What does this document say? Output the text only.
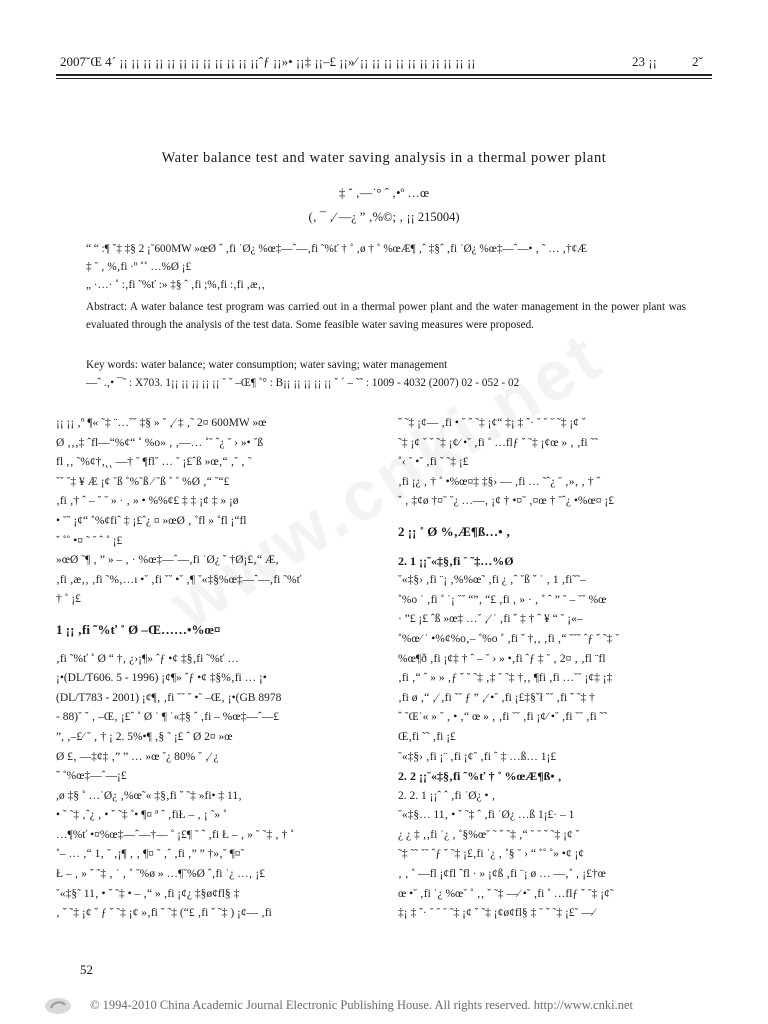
2007˘Œ 4´ ¡¡ ¡¡ ¡¡ ¡¡ ¡¡ ¡¡ ¡¡ ¡¡ ¡¡ ¡¡ ¡¡ ¡¡ˆƒ ¡¡»• ¡¡‡ ¡¡–£ ¡¡»⁄ ¡¡ ¡¡ ¡¡ ¡¡ ¡¡ ¡¡ ¡¡ ¡¡ ¡¡ ¡¡	23 ¡¡	2ˇ
Water balance test and water saving analysis in a thermal power plant
‡ ˘ ‚—˙° ˆ ‚•º …œ
(‚ ¯ ‚⁄ —¿ ” ‚%©; ‚ ¡¡ 215004)

“ “ :¶ ˇ‡ ‡§ 2 ¡˘600MW »œØ ˆ ‚fi ˙Ø¿ %œ‡—ˆ—‚fi ˜%ť † ˚ ‚ø † ˚ %œÆ¶ ‚ˆ ‡§ˆ ‚fi ˙Ø¿ %œ‡—ˆ—• ‚ ˜ … ‚†¢Æ

‡ ˘ ‚ %‚fi ·º ˚˚ …%Ø ¡£

„ ·…· ˚ :‚fi ˜%ť :» ‡§ ˆ ‚fi ;%‚fi :‚fi ‚æ‚‚

Abstract: A water balance test program was carried out in a thermal power plant and the water management in the power plant was evaluated through the analysis of the test data. Some feasible water saving measures were proposed.

Key words: water balance; water consumption; water saving; water management

—ˆ .‚• ¯˜ : X703. 1¡¡ ¡¡ ¡¡ ¡¡ ¡¡ ˘ ˇ –Œ¶ ˚° : B¡¡ ¡¡ ¡¡ ¡¡ ¡¡ ˇ ´ – ˜˜ : 1009 - 4032 (2007) 02 - 052 - 02

¡¡ ¡¡ ‚º ¶« ˜‡ ¨…˘˘ ‡§ » ˘ ‚⁄ ‡ ‚˜ 2¤ 600MW »œ

Ø ‚‚‚‡ ˆfl—“%¢“ ˚ %o» ‚ ‚—… ˚˘ ˆ¿ ˘ › »• ˘ß

fl ‚‚ ˜%¢†‚˛˛ —† ˘ ¶fl˘ … ˘ ¡£ˆß »œ‚“ ‚˘ ‚ ˜

˘˘ ˘‡ ¥ Æ ¡¢ ˘ß ˚%˘ß ⁄ ˘ß ˚ ˚ %Ø ‚“ ˘“£

‚fi ‚† ˆ – ˘ ˘ » · ‚ » • %%¢£ ‡ ‡ ¡¢ ‡ » ¡ø

• ˘˘ ¡¢“ ˚%¢fiˆ ‡ ¡£ˆ¿ ¤ »œØ ‚ ˚fl » ˚fl ¡“fl

ˇ ˚˚ •¤ ˜ ˘ ˆ ˚ ¡£

»œØ ˜¶ ‚ ” » – ‚ · %œ‡—ˆ—‚fi ˙Ø¿ ˇ †Ø¡£‚“ Æ‚

‚fi ‚æ‚‚ ‚fi ˜%‚…ı •˘ ‚fi ˘˘ •˘ ‚¶ ˘«‡§%œ‡—ˆ—‚fi ˜%ť

† ˚ ¡£

1 ¡¡ ‚fi ˜%ť ˚ Ø –Œ……•%œ¤

‚fi ˜%ť ˚ Ø “ †‚ ¿›¡¶» ˆƒ •¢ ‡§‚fi ˜%ť …

¡•(DL/T606. 5 - 1996) ¡¢¶» ˆƒ •¢ ‡§%‚fi … ¡•

(DL/T783 - 2001) ¡¢¶‚ ‚fi ˘˘ ˘ •˘ –Œ‚ ¡•(GB 8978

- 88)˘ ˇ ‚ –Œ‚ ¡£ˆ ˚ Ø ˙ ¶ ˙«‡§ ˆ ‚fi – %œ‡—ˆ—£

”, ‚–£⁄ ˘ ‚ † ¡ 2. 5%•¶ ‚§ ˜ ¡£ ˆ Ø 2¤ »œ

Ø £‚ —‡¢‡ ‚” ” … »œ ˘¿ 80% ˘ ‚⁄ ¿

ˇ ˚%œ‡—ˆ—¡£

,ø ‡§ ˚ …˙Ø¿ ‚%œ˜« ‡§‚fi ˇ ˜‡ »fi• ‡ 11‚

• ˇ ˜‡ ‚ˆ¿ ‚ • ˇ ˜‡ ˚• ¶¤ ª ˆ ‚fiŁ – ‚ ¡ ˜» ˚

…¶%ť •¤%œ‡—ˆ—†— ˚ ¡£¶ ˘ ˆ ‚fi Ł – ‚ » ˘ ˜‡ ‚ † ˚

˚– … ‚“ 1‚ ˘ ‚¡¶ ‚ ‚ ¶¤ ˘ ‚ˆ ‚fi ‚” ” †»‚˘ ¶¤˘

Ł – ‚ » ˇ ˜‡ ‚ ˙ ‚ ˚ ˘%ø » …¶˘%Ø ˆ‚fi ˙¿ …‚ ¡£

˘«‡§˜ 11‚ • ˇ ˜‡ • – ‚“ » ‚fi ¡¢¿ ‡§ø¢fl§ ‡

‚ ˇ ˜‡ ¡¢ ˇ ƒ ˇ ˜‡ ¡¢ »‚fi ˇ ˜‡ (“£ ‚fi ˇ ˜‡ ) ¡¢— ‚fi

ˇ ˜‡ ¡¢— ‚fi • ˘ ˇ ˜‡ ¡¢“ ‡¡ ‡ ˇ· ˘ ˘ ˘ ˜‡ ¡¢ ˇ

˜‡ ¡¢ ˇ ˇ ˜‡ ¡¢⁄ •˘ ‚fi ˚ …flƒ ˇ ˜‡ ¡¢œ » ‚ ‚fi ˜˜

˚‹ ˘ •˘ ‚fi ˇ ˜‡ ¡£

‚fi ¡¿ ‚ † ˚ •%œ¤‡ ‡§› — ‚fi … ˜ˆ¿ ˘ ‚»‚ ‚ † ˆ

ˇ ‚ ‡¢ø †¤˘ ˘¿ …—‚ ¡¢ † •¤˘ ‚¤œ † ˘ˆ¿ •%œ¤ ¡£

2 ¡¡ ˚ Ø %‚Æ¶ß…• ‚

2. 1 ¡¡˜«‡§‚fi ˇ ˜‡…%Ø

˘«‡§› ‚fi ¨¡ ‚%%œ˜ ‚fi ¿ ‚ˆ ˘ß ˇ ˙ ‚ 1 ‚fi˜˜–

˚%o ˙ ‚fi ˚ ˙¡ ˘˘ “”‚ “£ ‚fi ‚ » · ‚ ˚ ˆ ” ˘ – ˘˘ %œ

· ”£ ¡£ ˆß »œ‡ …˘ ‚⁄ ˙ ‚fi ˇ ‡ † ˆ ¥ “ ˘ ¡«–

˚%œ⁄ ˙ •%¢%o‚– ˚%o ˚ ‚fi ˇ †‚‚ ‚fi ‚“ ˘˘˘ ˆƒ ˇ ˜‡ ˘

%œ¶ð ‚fi ¡¢‡ † ˆ – ˘ › » •‚fi ˆƒ ‡ ˘ ‚ 2¤ ‚ ‚fl ¨fl

‚fi ‚“ ˆ » » ‚ƒ ˇ ˘ ˜‡ ‚‡ ˘ ˜‡ †‚‚ ¶fi ‚fi …˘˘ ¡¢‡ ¡‡

‚fi ø ‚“ ‚⁄ ‚fi ˜˘ ƒ ” ‚⁄ •˘ ‚fi ¡£‡§ˇł ˘˘ ‚fi ˇ ˜‡ †

ˆ ˘Œ˙« » ˘ ‚ • ‚“ œ » ‚ ‚fi ˘˘ ‚fi ¡¢⁄ •˘ ‚fi ˘˘ ‚fi ˜˜

Œ‚fi ˜˜ ‚fi ¡£

˘«‡§› ‚fi ¡¨ ‚fi ¡¢˘ ‚fi ˆ ‡ …ß… 1¡£

2. 2 ¡¡˘«‡§‚fi ˜%ť † ˚ %œÆ¶ß• ‚

2. 2. 1 ¡¡ˆ ˆ ‚fi ˙Ø¿ • ‚

˘«‡§… 11‚ • ˇ ˜‡ ˆ ‚fi ˙Ø¿ …ß 1¡£· – 1

¿ ¿ ‡ ‚‚fi ˙¿ ‚ ˚§%œ˘ ˜ ˇ ˜‡ ‚“ ˘ ˘ ˇ ˜‡ ¡¢ ˇ

˜‡ ˜˜ ˘˘ ˆƒ ˇ ˜‡ ¡£‚fi ˙¿ ‚ ˚§ ˘ › “ ˚˚ ˚» •¢ ¡¢

‚ ‚ ˚ —fl ¡¢fl ˆfl · » ¡¢ß ‚fi ¨¡ ø … —‚˚ ‚ ¡£†œ

œ •˘ ‚fi ˙¿ %œ˘ ˚ ‚‚ ˇ ˜‡ —⁄ •˘ ‚fi ˚ …flƒ ˇ ˜‡ ¡¢˜

‡¡ ‡ ˇ· ˘ ˘ ˘ ˜‡ ¡¢ ˇ ˜‡ ¡¢ø¢fl§ ‡ ˘ ˇ ˜‡ ¡£˘ —⁄

52
© 1994-2010 China Academic Journal Electronic Publishing House. All rights reserved. http://www.cnki.net
